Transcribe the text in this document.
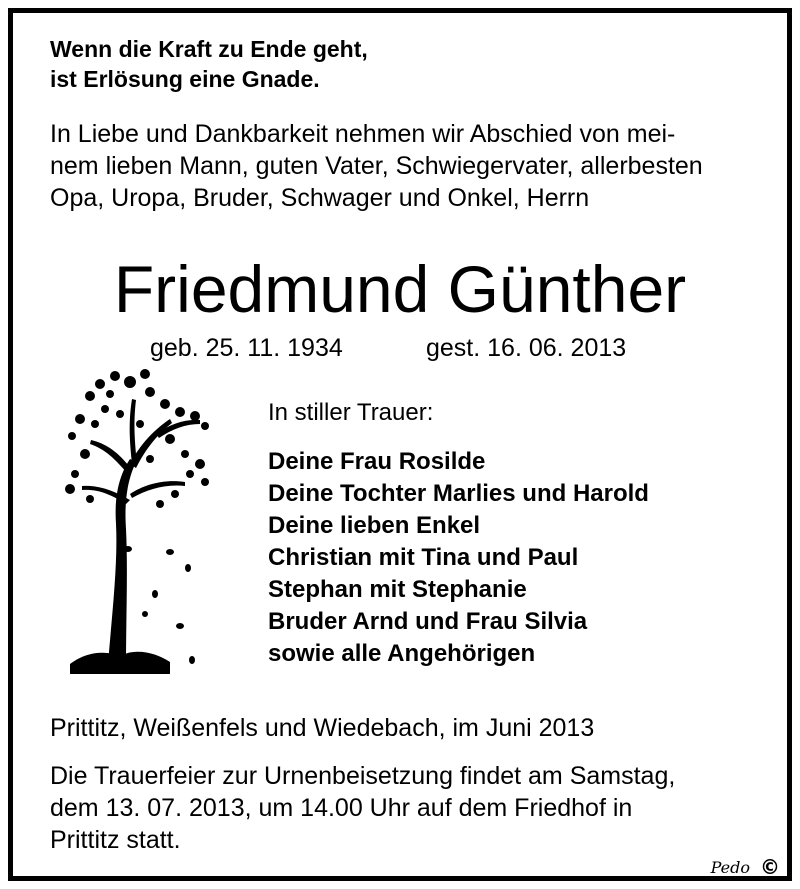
Wenn die Kraft zu Ende geht,
ist Erlösung eine Gnade.
In Liebe und Dankbarkeit nehmen wir Abschied von mei-
nem lieben Mann, guten Vater, Schwiegervater, allerbesten
Opa, Uropa, Bruder, Schwager und Onkel, Herrn
Friedmund Günther
geb. 25. 11. 1934	gest. 16. 06. 2013
In stiller Trauer:
Deine Frau Rosilde
Deine Tochter Marlies und Harold
Deine lieben Enkel
Christian mit Tina und Paul
Stephan mit Stephanie
Bruder Arnd und Frau Silvia
sowie alle Angehörigen
Prittitz, Weißenfels und Wiedebach, im Juni 2013
Die Trauerfeier zur Urnenbeisetzung findet am Samstag,
dem 13. 07. 2013, um 14.00 Uhr auf dem Friedhof in
Prittitz statt.
Pedo ©
